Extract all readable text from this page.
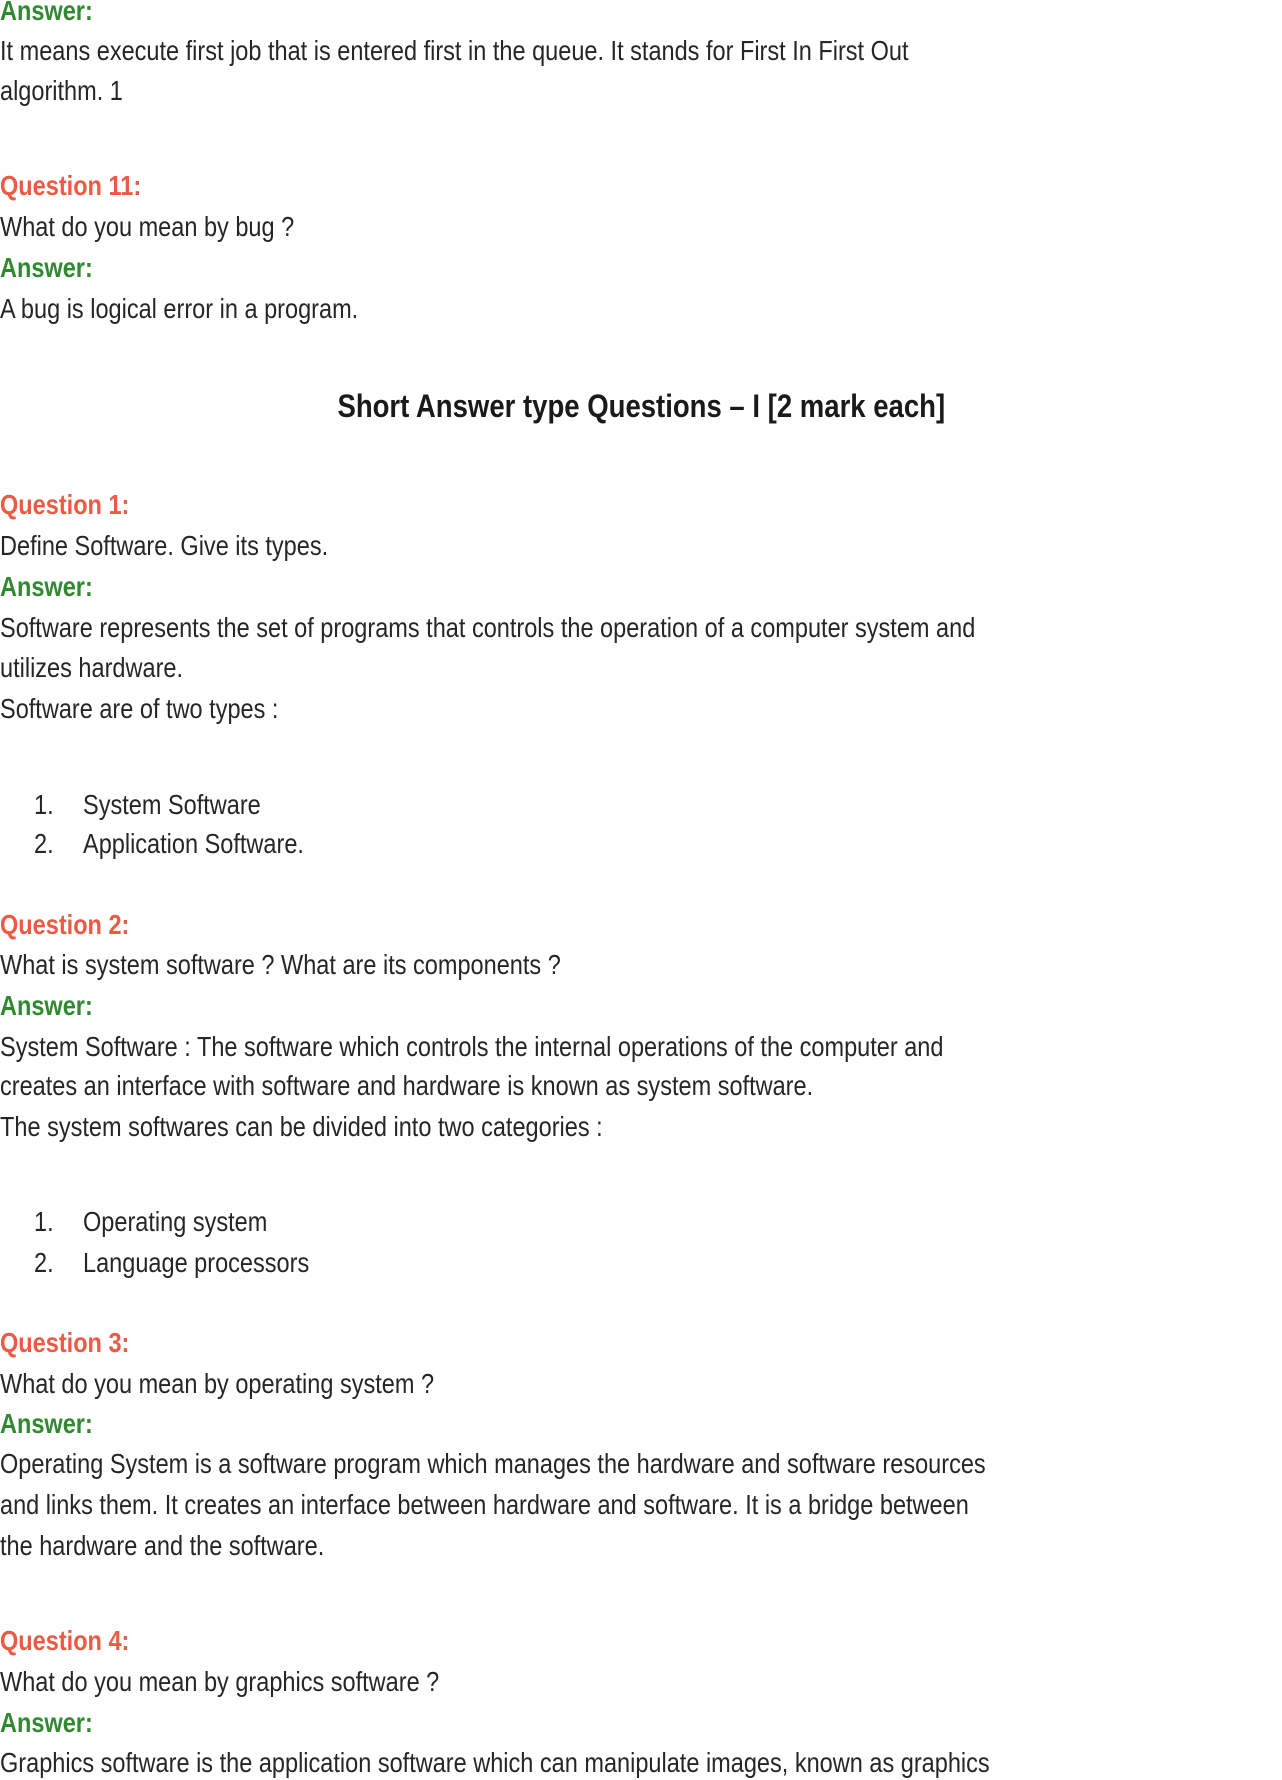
Answer:
It means execute first job that is entered first in the queue. It stands for First In First Out
algorithm. 1
Question 11:
What do you mean by bug ?
Answer:
A bug is logical error in a program.
Short Answer type Questions – I [2 mark each]
Question 1:
Define Software. Give its types.
Answer:
Software represents the set of programs that controls the operation of a computer system and
utilizes hardware.
Software are of two types :
1. System Software
2. Application Software.
Question 2:
What is system software ? What are its components ?
Answer:
System Software : The software which controls the internal operations of the computer and
creates an interface with software and hardware is known as system software.
The system softwares can be divided into two categories :
1. Operating system
2. Language processors
Question 3:
What do you mean by operating system ?
Answer:
Operating System is a software program which manages the hardware and software resources
and links them. It creates an interface between hardware and software. It is a bridge between
the hardware and the software.
Question 4:
What do you mean by graphics software ?
Answer:
Graphics software is the application software which can manipulate images, known as graphics
